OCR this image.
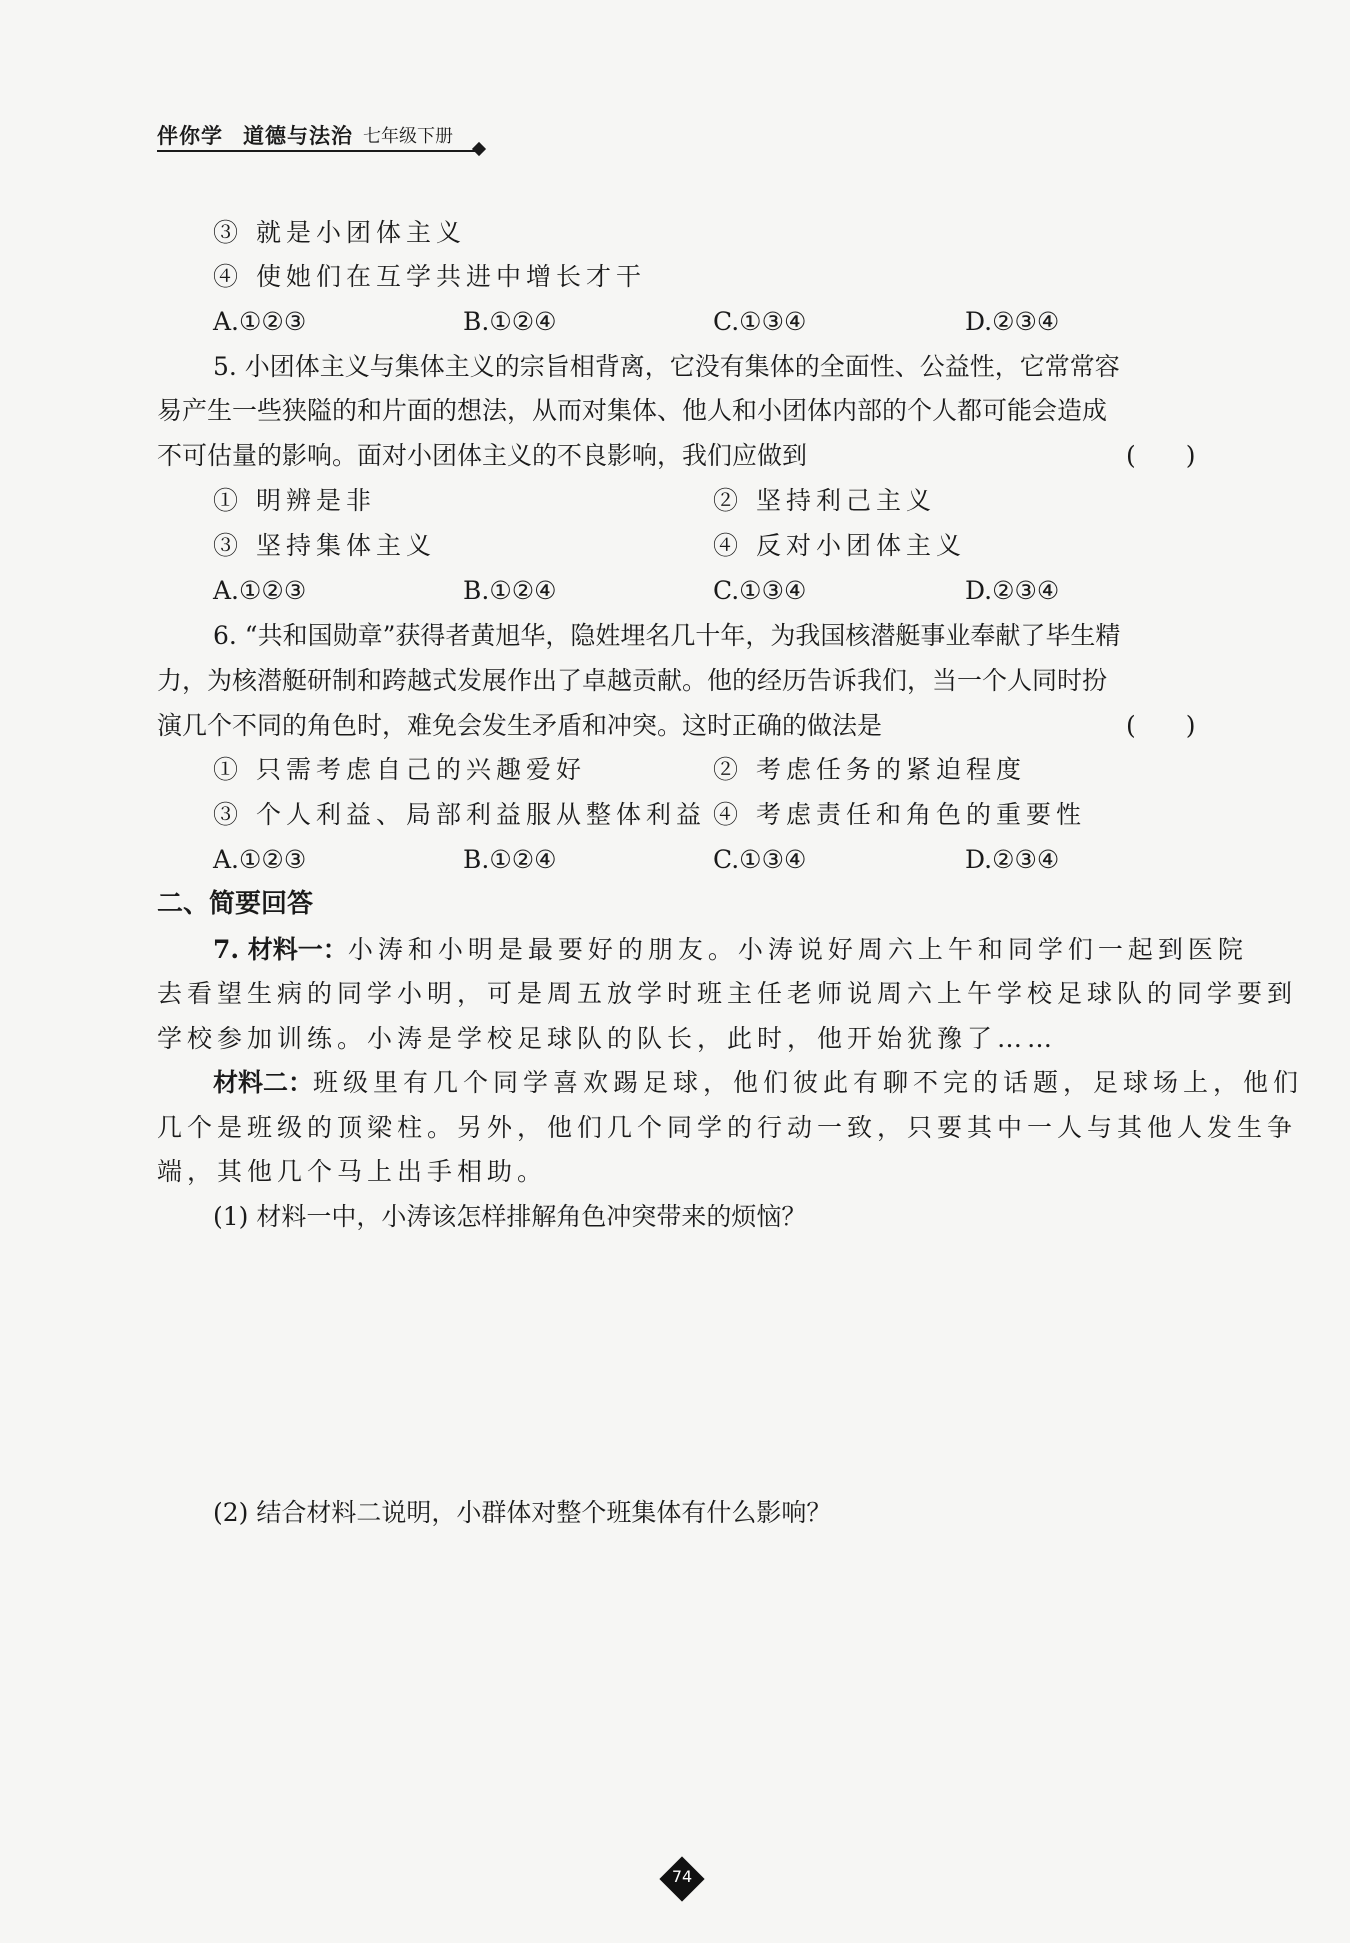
伴你学 道德与法治 七年级下册
③ 就是小团体主义
④ 使她们在互学共进中增长才干
A.①②③	B.①②④	C.①③④	D.②③④
5. 小团体主义与集体主义的宗旨相背离，它没有集体的全面性、公益性，它常常容
易产生一些狭隘的和片面的想法，从而对集体、他人和小团体内部的个人都可能会造成
不可估量的影响。面对小团体主义的不良影响，我们应做到	(　　)
① 明辨是非	② 坚持利己主义
③ 坚持集体主义	④ 反对小团体主义
A.①②③	B.①②④	C.①③④	D.②③④
6. “共和国勋章”获得者黄旭华，隐姓埋名几十年，为我国核潜艇事业奉献了毕生精
力，为核潜艇研制和跨越式发展作出了卓越贡献。他的经历告诉我们，当一个人同时扮
演几个不同的角色时，难免会发生矛盾和冲突。这时正确的做法是	(　　)
① 只需考虑自己的兴趣爱好	② 考虑任务的紧迫程度
③ 个人利益、局部利益服从整体利益 ④ 考虑责任和角色的重要性
A.①②③	B.①②④	C.①③④	D.②③④
二、简要回答
7. 材料一：小涛和小明是最要好的朋友。小涛说好周六上午和同学们一起到医院
去看望生病的同学小明，可是周五放学时班主任老师说周六上午学校足球队的同学要到
学校参加训练。小涛是学校足球队的队长，此时，他开始犹豫了……
材料二：班级里有几个同学喜欢踢足球，他们彼此有聊不完的话题，足球场上，他们
几个是班级的顶梁柱。另外，他们几个同学的行动一致，只要其中一人与其他人发生争
端，其他几个马上出手相助。
(1) 材料一中，小涛该怎样排解角色冲突带来的烦恼？
(2) 结合材料二说明，小群体对整个班集体有什么影响？
74
